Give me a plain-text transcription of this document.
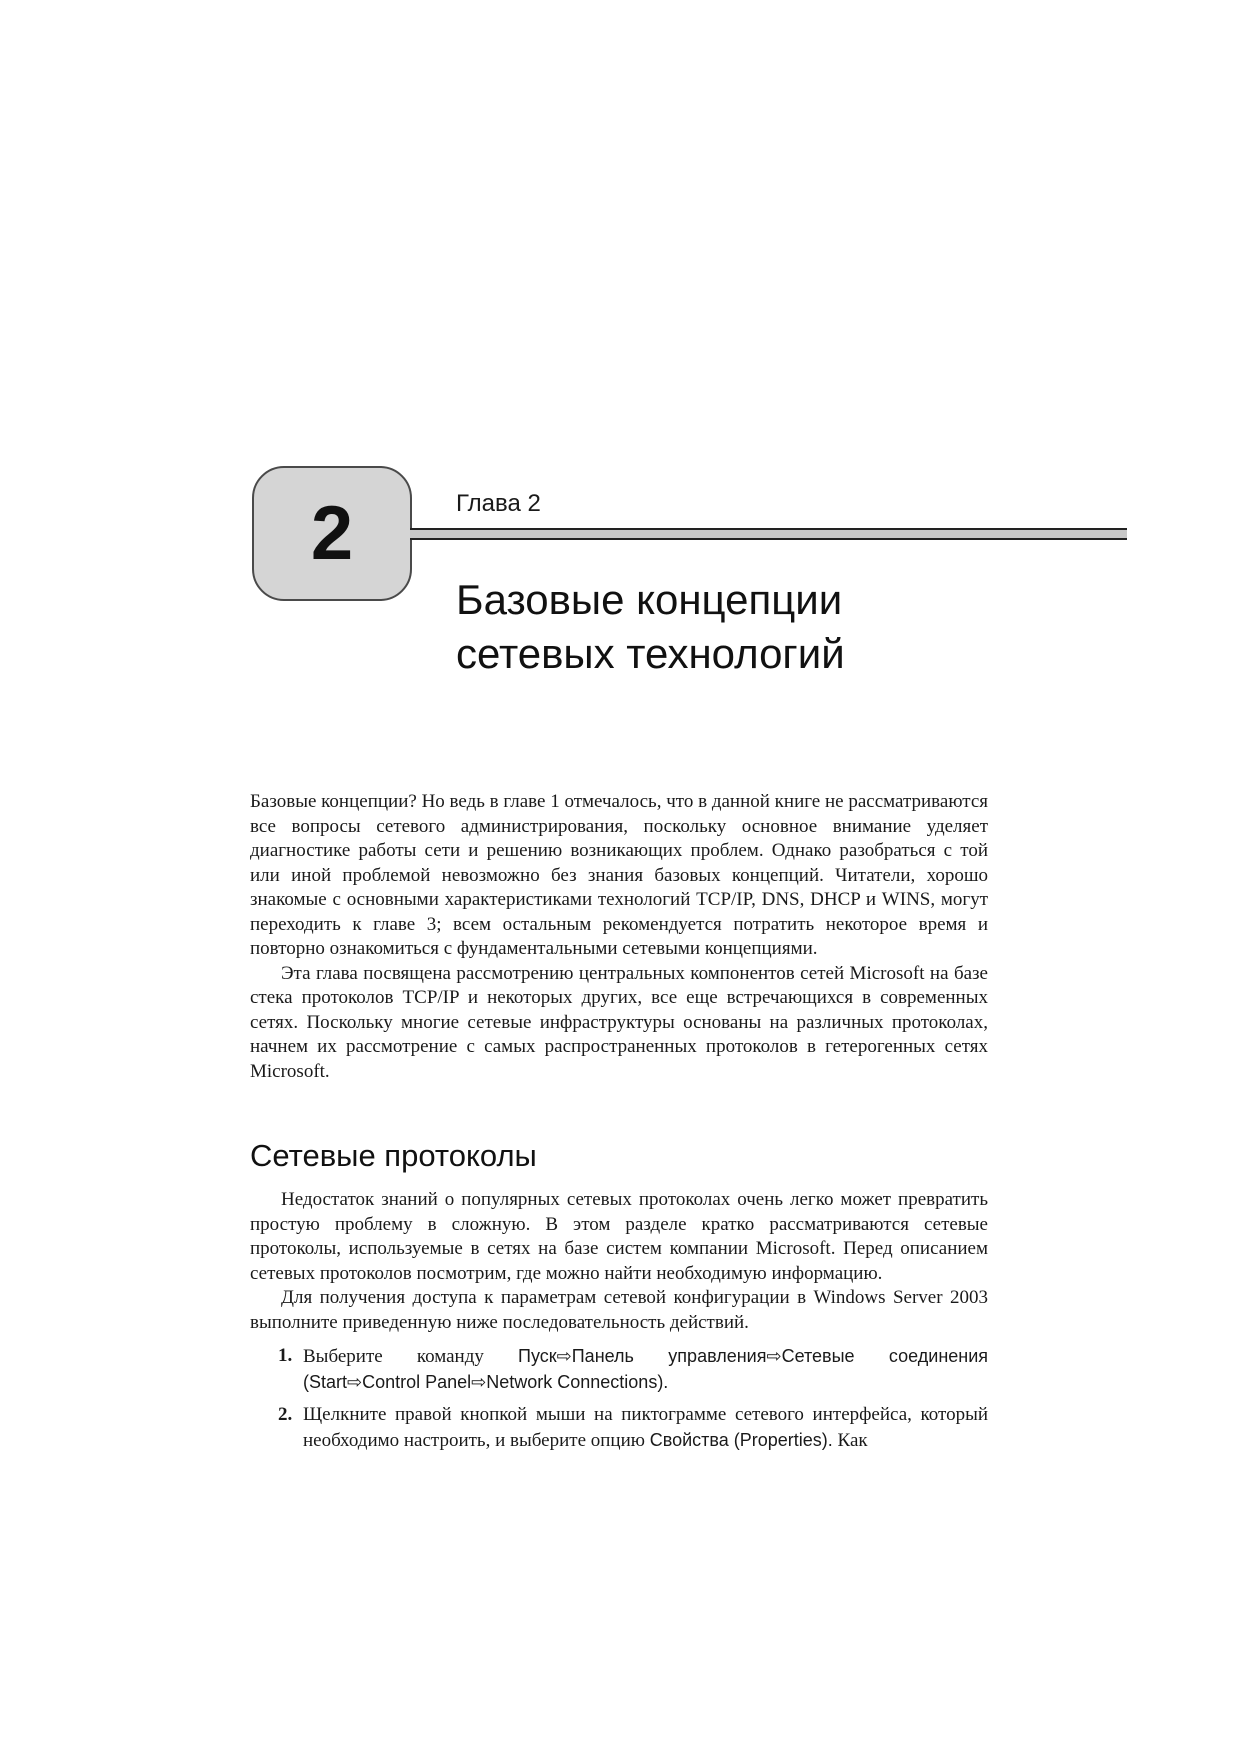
2	Глава 2
Базовые концепции
сетевых технологий

Базовые концепции? Но ведь в главе 1 отмечалось, что в данной книге не рассматриваются все вопросы сетевого администрирования, поскольку основное внимание уделяет диагностике работы сети и решению возникающих проблем. Однако разобраться с той или иной проблемой невозможно без знания базовых концепций. Читатели, хорошо знакомые с основными характеристиками технологий TCP/IP, DNS, DHCP и WINS, могут переходить к главе 3; всем остальным рекомендуется потратить некоторое время и повторно ознакомиться с фундаментальными сетевыми концепциями.

Эта глава посвящена рассмотрению центральных компонентов сетей Microsoft на базе стека протоколов TCP/IP и некоторых других, все еще встречающихся в современных сетях. Поскольку многие сетевые инфраструктуры основаны на различных протоколах, начнем их рассмотрение с самых распространенных протоколов в гетерогенных сетях Microsoft.

Сетевые протоколы

Недостаток знаний о популярных сетевых протоколах очень легко может превратить простую проблему в сложную. В этом разделе кратко рассматриваются сетевые протоколы, используемые в сетях на базе систем компании Microsoft. Перед описанием сетевых протоколов посмотрим, где можно найти необходимую информацию.

Для получения доступа к параметрам сетевой конфигурации в Windows Server 2003 выполните приведенную ниже последовательность действий.

1. Выберите команду Пуск⇨Панель управления⇨Сетевые соединения (Start⇨Control Panel⇨Network Connections).
2. Щелкните правой кнопкой мыши на пиктограмме сетевого интерфейса, который необходимо настроить, и выберите опцию Свойства (Properties). Как
